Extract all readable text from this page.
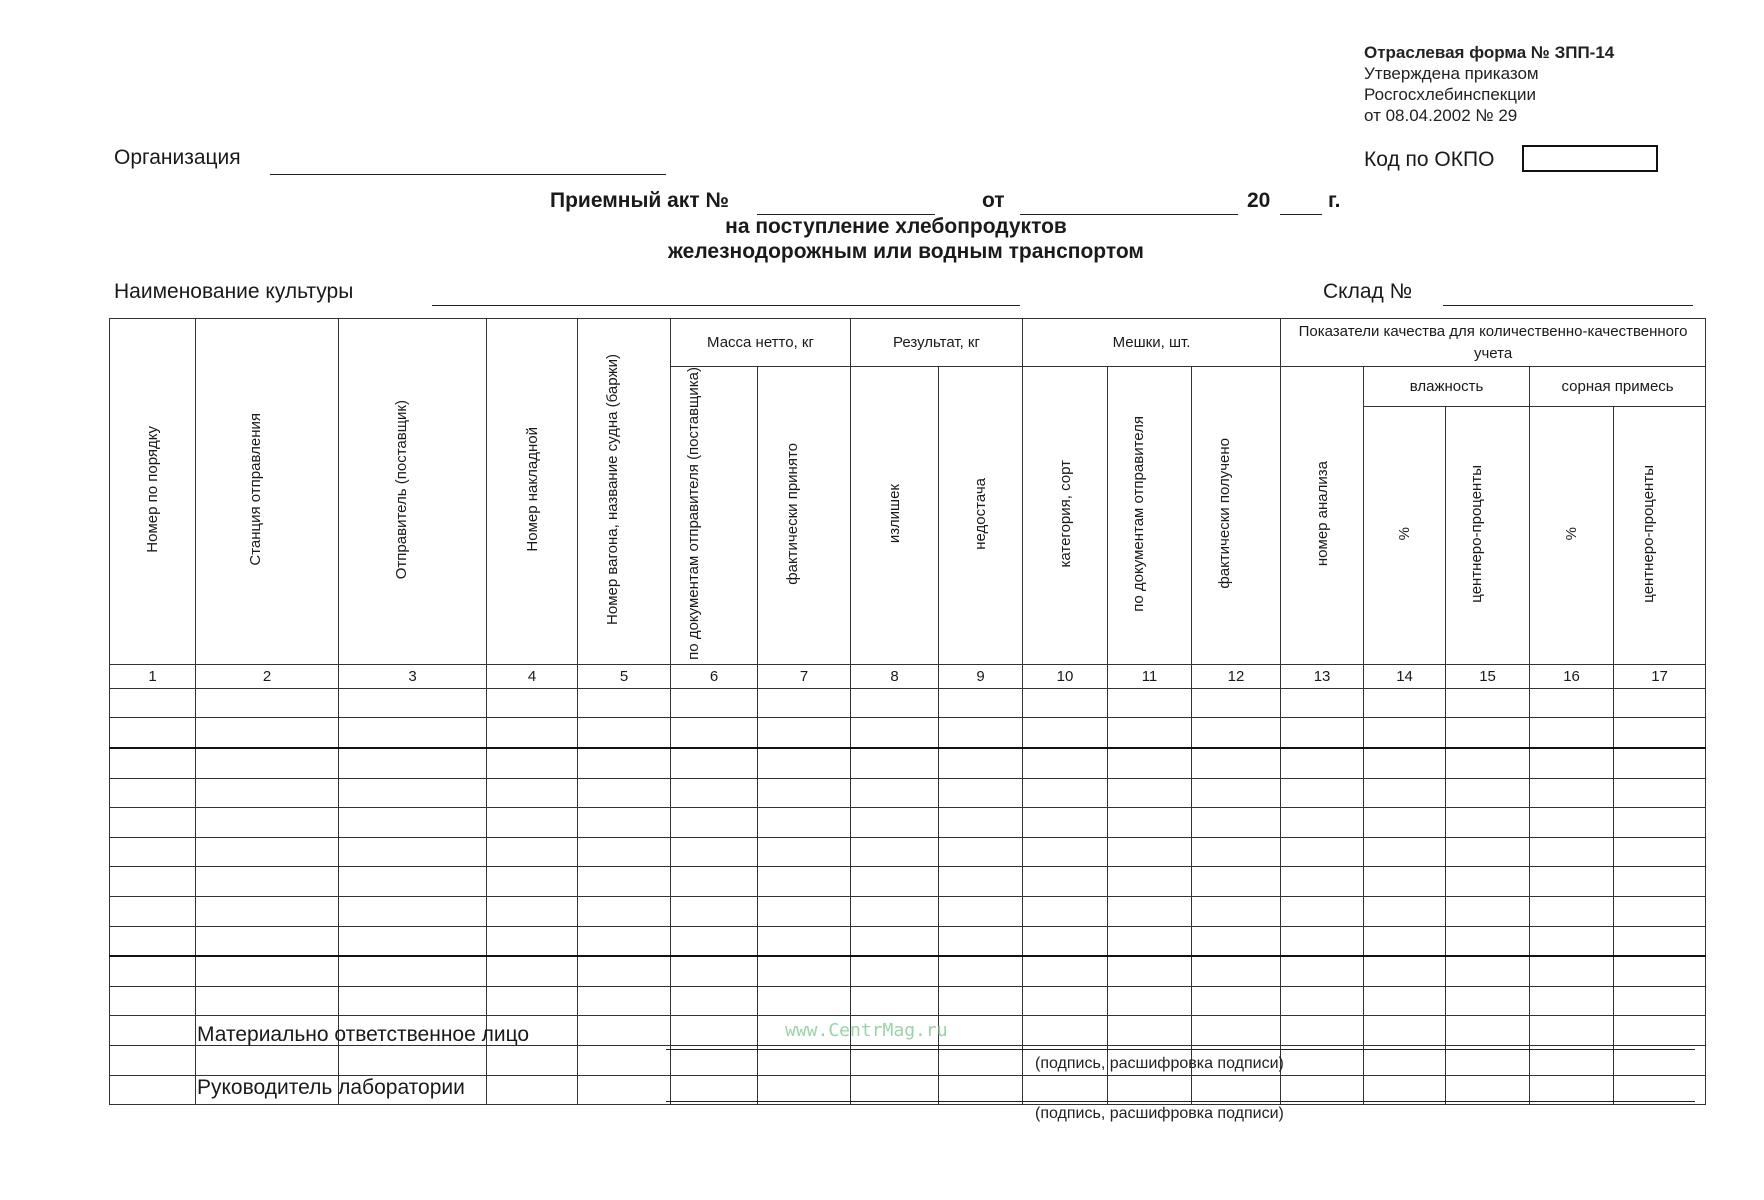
Отраслевая форма № ЗПП-14
Утверждена приказом
Росгосхлебинспекции
от 08.04.2002 № 29
Организация	Код по ОКПО
Приемный акт №	от	20	г.
на поступление хлебопродуктов
железнодорожным или водным транспортом
Наименование культуры	Склад №
Номер по порядку	Станция отправления	Отправитель (поставщик)	Номер накладной	Номер вагона, название судна (баржи)	Масса нетто, кг		Результат, кг		Мешки, шт.			Показатели качества для количественно-качественного учета				
					по документам отправителя (поставщика)	фактически принято	излишек	недостача	категория, сорт	по документам отправителя	фактически получено	номер анализа	влажность		сорная примесь	
													%	центнеро-проценты	%	центнеро-проценты
1	2	3	4	5	6	7	8	9	10	11	12	13	14	15	16	17

Материально ответственное лицо
(подпись, расшифровка подписи)
Руководитель лаборатории
(подпись, расшифровка подписи)
www.CentrMag.ru
